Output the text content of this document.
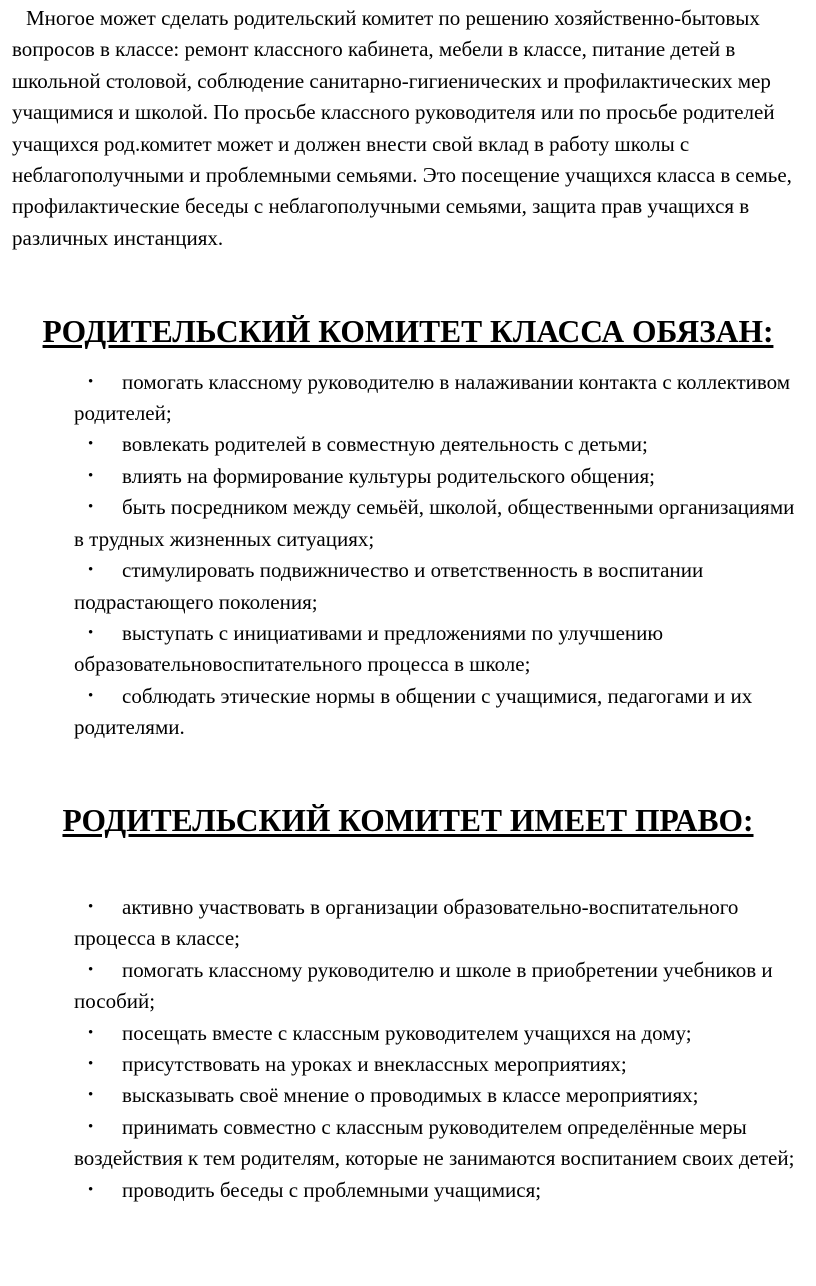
Многое может сделать родительский комитет по решению хозяйственно-бытовых вопросов в классе: ремонт классного кабинета, мебели в классе, питание детей в школьной столовой, соблюдение санитарно-гигиенических и профилактических мер учащимися и школой. По просьбе классного руководителя или по просьбе родителей учащихся род.комитет может и должен внести свой вклад в работу школы с неблагополучными и проблемными семьями. Это посещение учащихся класса в семье, профилактические беседы с неблагополучными семьями, защита прав учащихся в различных инстанциях.

РОДИТЕЛЬСКИЙ КОМИТЕТ КЛАССА ОБЯЗАН:
•	помогать классному руководителю в налаживании контакта с коллективом родителей;
•	вовлекать родителей в совместную деятельность с детьми;
•	влиять на формирование культуры родительского общения;
•	быть посредником между семьёй, школой, общественными организациями в трудных жизненных ситуациях;
•	стимулировать подвижничество и ответственность в воспитании подрастающего поколения;
•	выступать с инициативами и предложениями по улучшению образовательновоспитательного процесса в школе;
•	соблюдать этические нормы в общении с учащимися, педагогами и их родителями.
РОДИТЕЛЬСКИЙ КОМИТЕТ ИМЕЕТ ПРАВО:
•	активно участвовать в организации образовательно-воспитательного процесса в классе;
•	помогать классному руководителю и школе в приобретении учебников и пособий;
•	посещать вместе с классным руководителем учащихся на дому;
•	присутствовать на уроках и внеклассных мероприятиях;
•	высказывать своё мнение о проводимых в классе мероприятиях;
•	принимать совместно с классным руководителем определённые меры воздействия к тем родителям, которые не занимаются воспитанием своих детей;
•	проводить беседы с проблемными учащимися;
